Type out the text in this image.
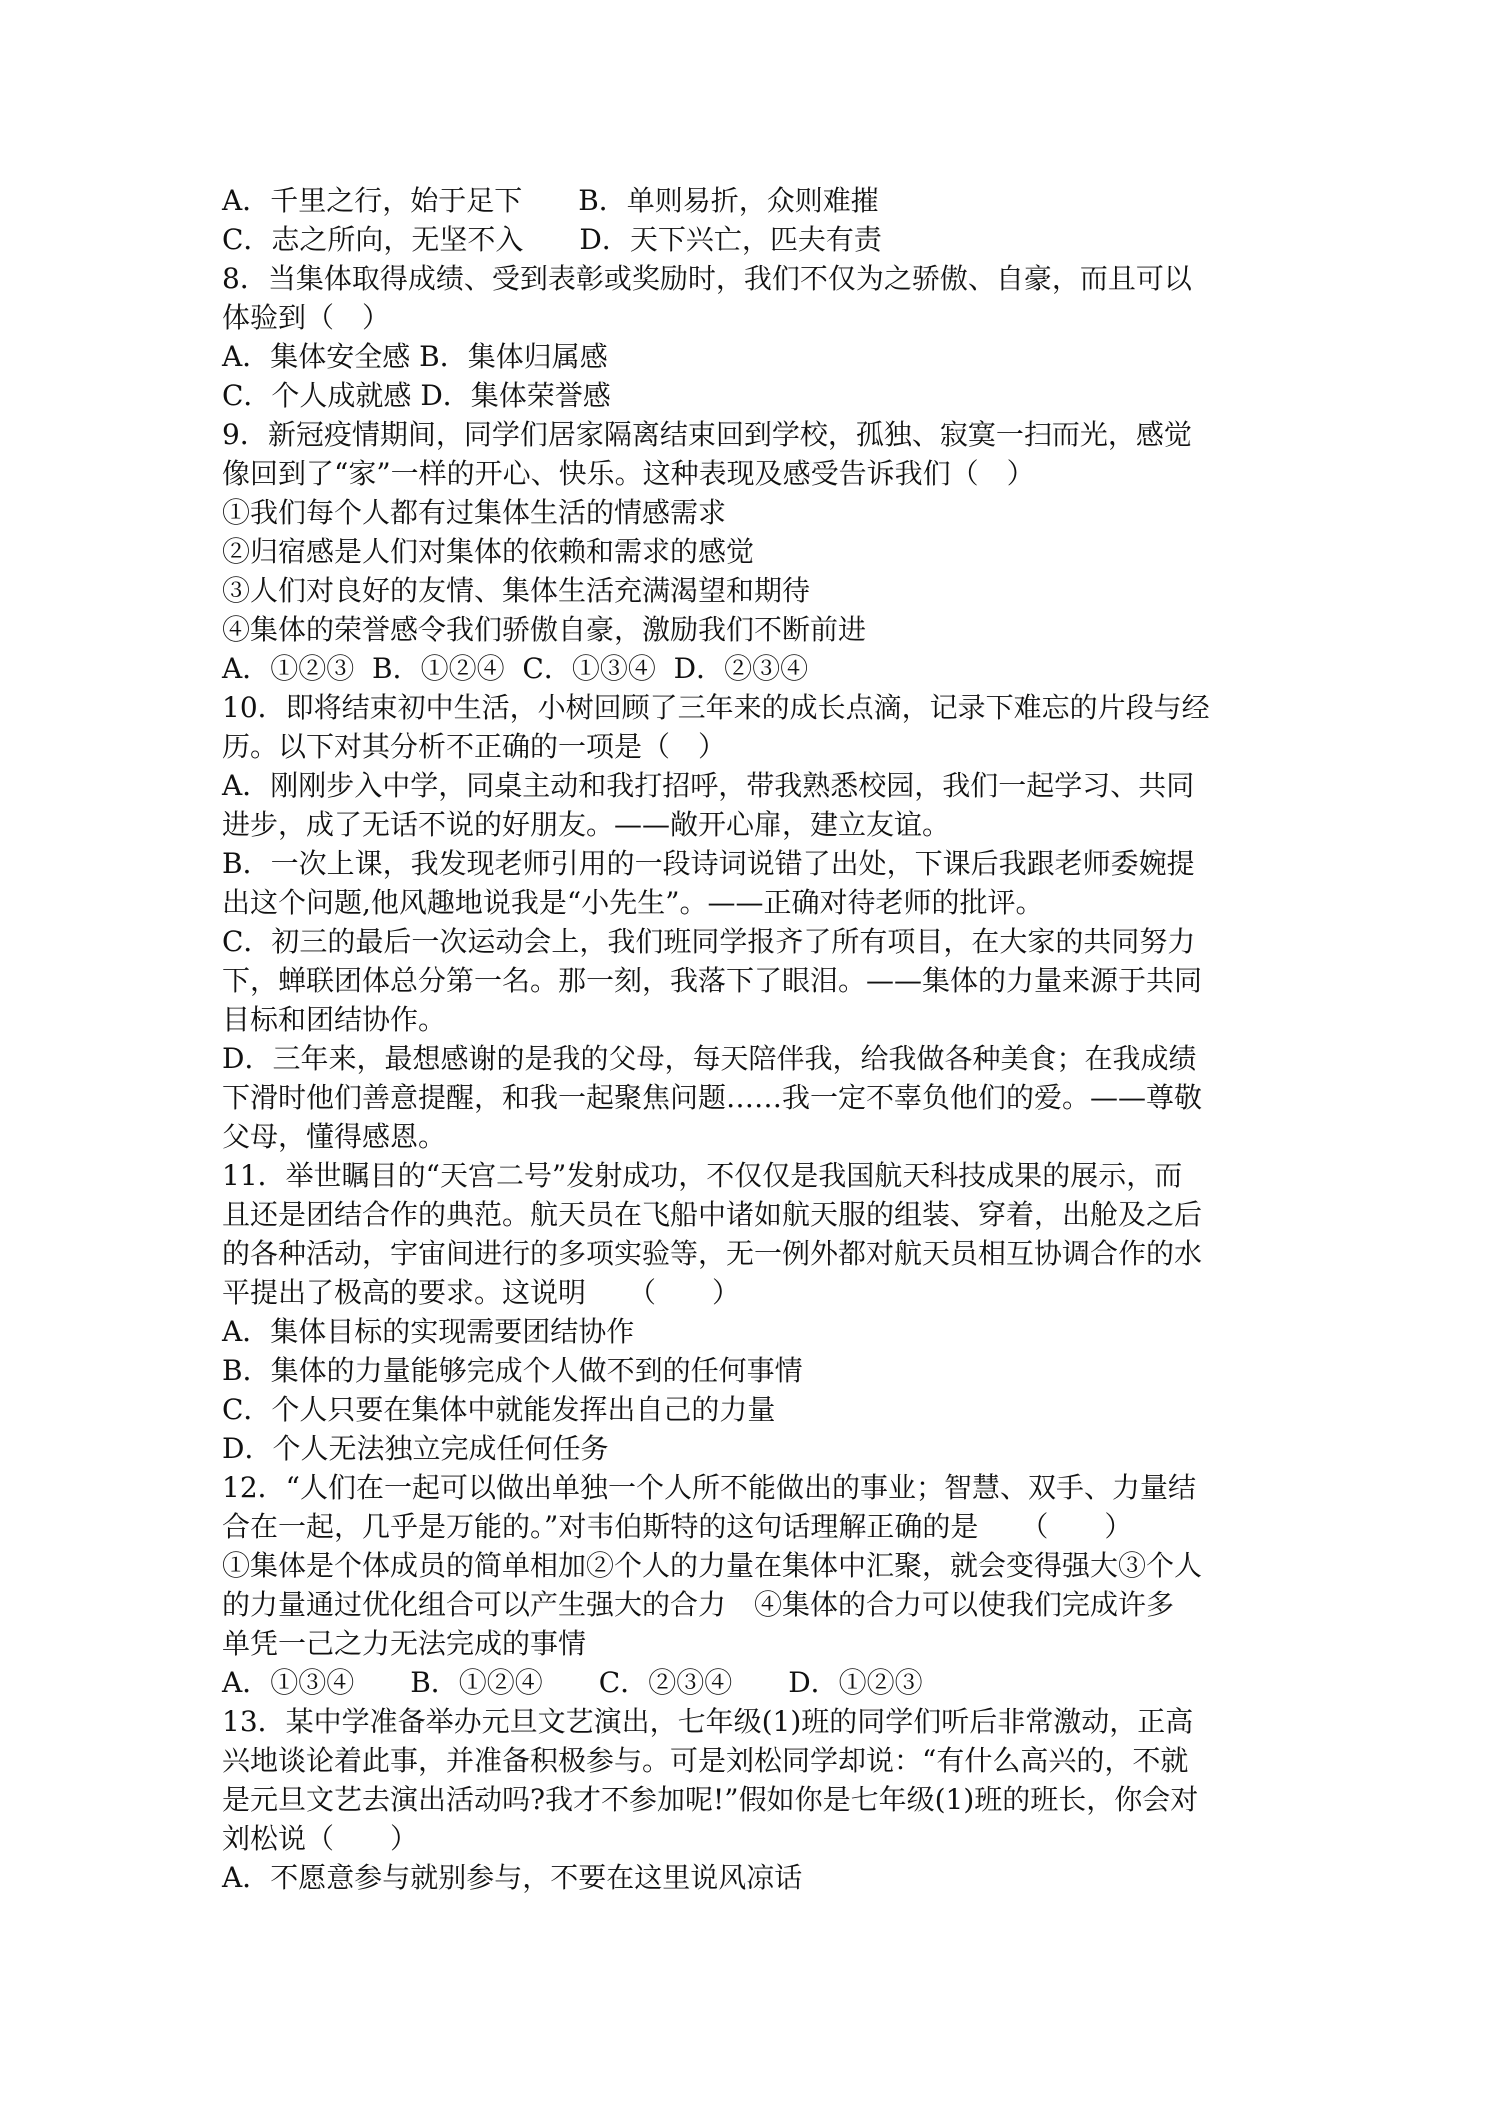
A．千里之行，始于足下　　B．单则易折，众则难摧
C．志之所向，无坚不入　　D．天下兴亡，匹夫有责
8．当集体取得成绩、受到表彰或奖励时，我们不仅为之骄傲、自豪，而且可以
体验到（　）
A．集体安全感 B．集体归属感
C．个人成就感 D．集体荣誉感
9．新冠疫情期间，同学们居家隔离结束回到学校，孤独、寂寞一扫而光，感觉
像回到了“家”一样的开心、快乐。这种表现及感受告诉我们（　）
①我们每个人都有过集体生活的情感需求
②归宿感是人们对集体的依赖和需求的感觉
③人们对良好的友情、集体生活充满渴望和期待
④集体的荣誉感令我们骄傲自豪，激励我们不断前进
A．①②③  B．①②④  C．①③④  D．②③④
10．即将结束初中生活，小树回顾了三年来的成长点滴，记录下难忘的片段与经
历。以下对其分析不正确的一项是（　）
A．刚刚步入中学，同桌主动和我打招呼，带我熟悉校园，我们一起学习、共同
进步，成了无话不说的好朋友。——敞开心扉，建立友谊。
B．一次上课，我发现老师引用的一段诗词说错了出处，下课后我跟老师委婉提
出这个问题,他风趣地说我是“小先生”。——正确对待老师的批评。
C．初三的最后一次运动会上，我们班同学报齐了所有项目，在大家的共同努力
下，蝉联团体总分第一名。那一刻，我落下了眼泪。——集体的力量来源于共同
目标和团结协作。
D．三年来，最想感谢的是我的父母，每天陪伴我，给我做各种美食；在我成绩
下滑时他们善意提醒，和我一起聚焦问题……我一定不辜负他们的爱。——尊敬
父母，懂得感恩。
11．举世瞩目的“天宫二号”发射成功，不仅仅是我国航天科技成果的展示，而
且还是团结合作的典范。航天员在飞船中诸如航天服的组装、穿着，出舱及之后
的各种活动，宇宙间进行的多项实验等，无一例外都对航天员相互协调合作的水
平提出了极高的要求。这说明　　（　　）
A．集体目标的实现需要团结协作
B．集体的力量能够完成个人做不到的任何事情
C．个人只要在集体中就能发挥出自己的力量
D．个人无法独立完成任何任务
12．“人们在一起可以做出单独一个人所不能做出的事业；智慧、双手、力量结
合在一起，几乎是万能的。”对韦伯斯特的这句话理解正确的是　　（　　）
①集体是个体成员的简单相加②个人的力量在集体中汇聚，就会变得强大③个人
的力量通过优化组合可以产生强大的合力　④集体的合力可以使我们完成许多
单凭一己之力无法完成的事情
A．①③④　　B．①②④　　C．②③④　　D．①②③
13．某中学准备举办元旦文艺演出，七年级(1)班的同学们听后非常激动，正高
兴地谈论着此事，并准备积极参与。可是刘松同学却说：“有什么高兴的，不就
是元旦文艺去演出活动吗?我才不参加呢!”假如你是七年级(1)班的班长，你会对
刘松说（　　）
A．不愿意参与就别参与，不要在这里说风凉话
